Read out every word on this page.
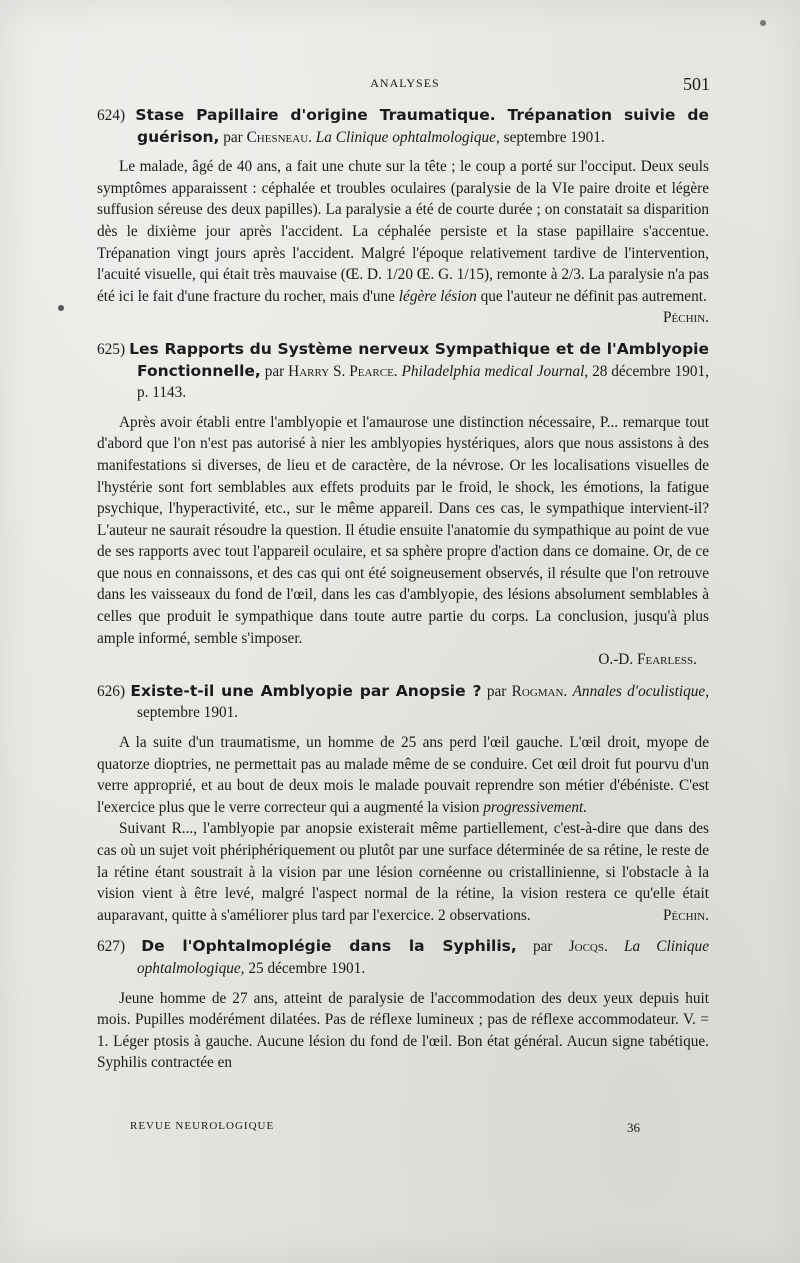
ANALYSES	501
624) Stase Papillaire d'origine Traumatique. Trépanation suivie de guérison, par Chesneau. La Clinique ophtalmologique, septembre 1901.

Le malade, âgé de 40 ans, a fait une chute sur la tête ; le coup a porté sur l'occiput. Deux seuls symptômes apparaissent : céphalée et troubles oculaires (paralysie de la VIe paire droite et légère suffusion séreuse des deux papilles). La paralysie a été de courte durée ; on constatait sa disparition dès le dixième jour après l'accident. La céphalée persiste et la stase papillaire s'accentue. Trépanation vingt jours après l'accident. Malgré l'époque relativement tardive de l'intervention, l'acuité visuelle, qui était très mauvaise (Œ. D. 1/20 Œ. G. 1/15), remonte à 2/3. La paralysie n'a pas été ici le fait d'une fracture du rocher, mais d'une légère lésion que l'auteur ne définit pas autrement.
Péchin.

625) Les Rapports du Système nerveux Sympathique et de l'Amblyopie Fonctionnelle, par Harry S. Pearce. Philadelphia medical Journal, 28 décembre 1901, p. 1143.

Après avoir établi entre l'amblyopie et l'amaurose une distinction nécessaire, P... remarque tout d'abord que l'on n'est pas autorisé à nier les amblyopies hystériques, alors que nous assistons à des manifestations si diverses, de lieu et de caractère, de la névrose. Or les localisations visuelles de l'hystérie sont fort semblables aux effets produits par le froid, le shock, les émotions, la fatigue psychique, l'hyperactivité, etc., sur le même appareil. Dans ces cas, le sympathique intervient-il? L'auteur ne saurait résoudre la question. Il étudie ensuite l'anatomie du sympathique au point de vue de ses rapports avec tout l'appareil oculaire, et sa sphère propre d'action dans ce domaine. Or, de ce que nous en connaissons, et des cas qui ont été soigneusement observés, il résulte que l'on retrouve dans les vaisseaux du fond de l'œil, dans les cas d'amblyopie, des lésions absolument semblables à celles que produit le sympathique dans toute autre partie du corps. La conclusion, jusqu'à plus ample informé, semble s'imposer.

O.-D. Fearless.
626) Existe-t-il une Amblyopie par Anopsie ? par Rogman. Annales d'oculistique, septembre 1901.

A la suite d'un traumatisme, un homme de 25 ans perd l'œil gauche. L'œil droit, myope de quatorze dioptries, ne permettait pas au malade même de se conduire. Cet œil droit fut pourvu d'un verre approprié, et au bout de deux mois le malade pouvait reprendre son métier d'ébéniste. C'est l'exercice plus que le verre correcteur qui a augmenté la vision progressivement.

Suivant R..., l'amblyopie par anopsie existerait même partiellement, c'est-à-dire que dans des cas où un sujet voit phériphériquement ou plutôt par une surface déterminée de sa rétine, le reste de la rétine étant soustrait à la vision par une lésion cornéenne ou cristallinienne, si l'obstacle à la vision vient à être levé, malgré l'aspect normal de la rétine, la vision restera ce qu'elle était auparavant, quitte à s'améliorer plus tard par l'exercice. 2 observations.	Péchin.

627) De l'Ophtalmoplégie dans la Syphilis, par Jocqs. La Clinique ophtalmologique, 25 décembre 1901.

Jeune homme de 27 ans, atteint de paralysie de l'accommodation des deux yeux depuis huit mois. Pupilles modérément dilatées. Pas de réflexe lumineux ; pas de réflexe accommodateur. V. = 1. Léger ptosis à gauche. Aucune lésion du fond de l'œil. Bon état général. Aucun signe tabétique. Syphilis contractée en

REVUE NEUROLOGIQUE	36
